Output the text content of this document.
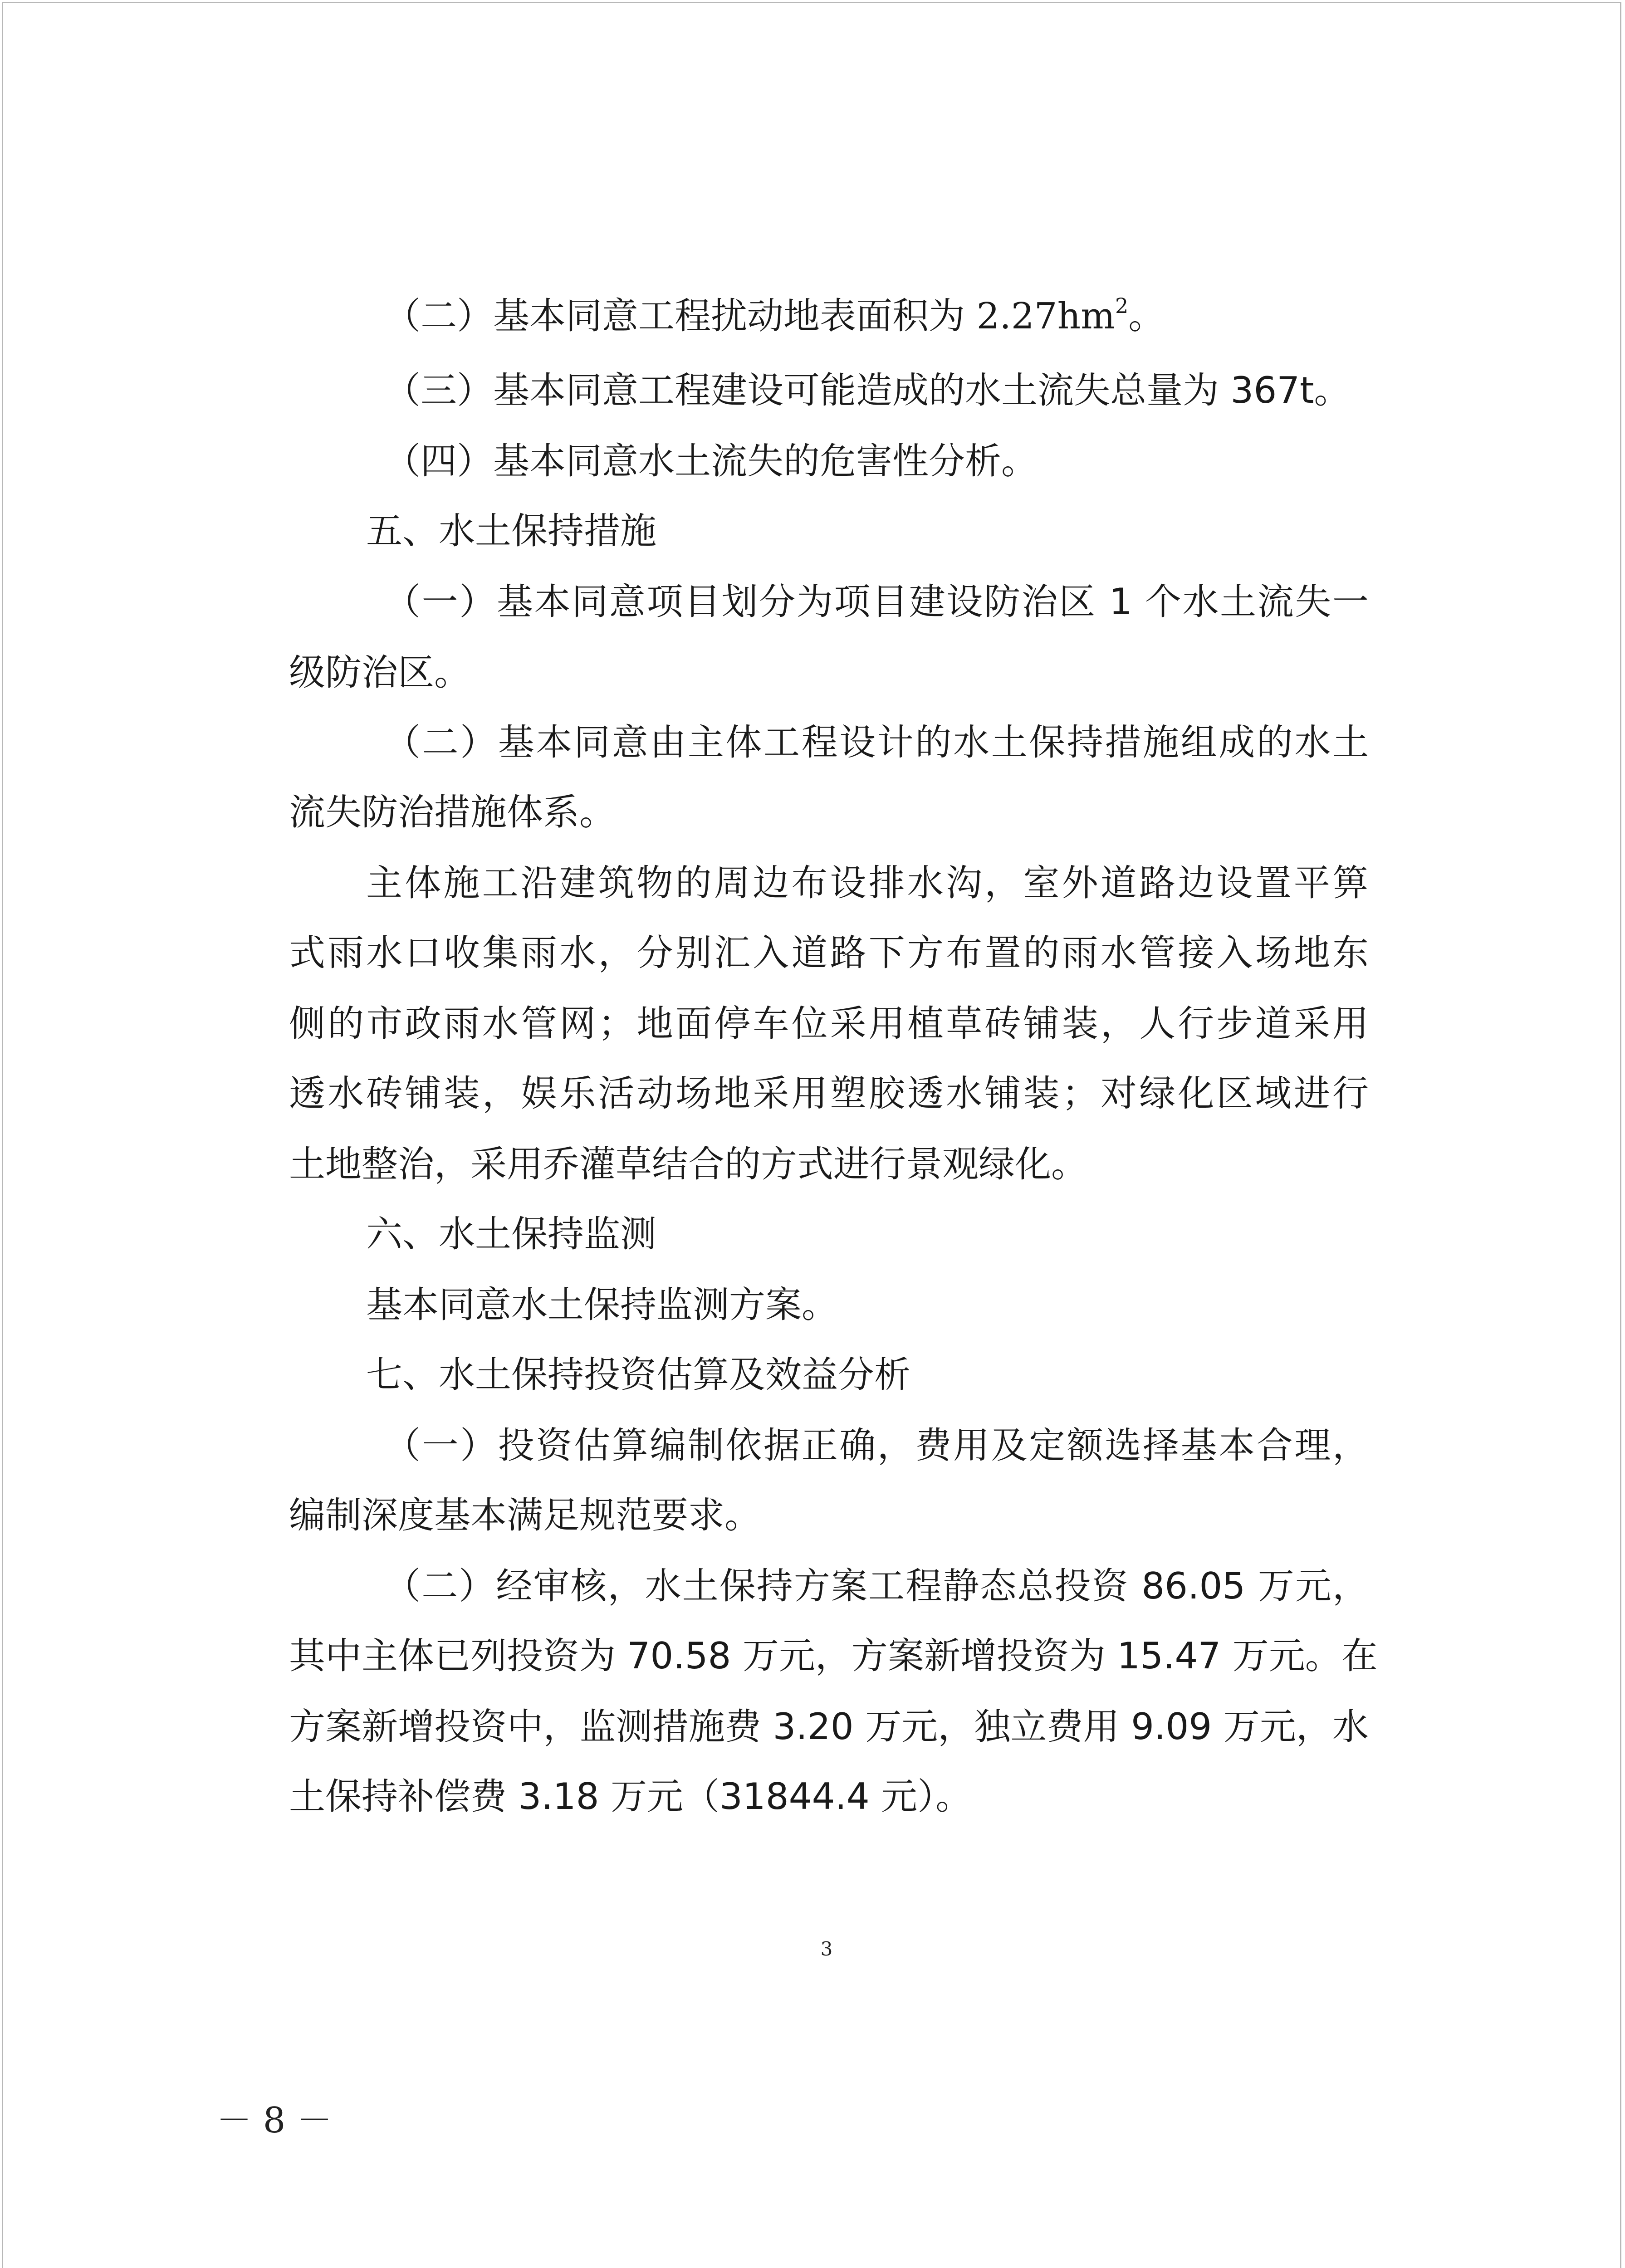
（二）基本同意工程扰动地表面积为 $2.27hm^2$。
（三）基本同意工程建设可能造成的水土流失总量为 367t。
（四）基本同意水土流失的危害性分析。
五、水土保持措施
（一）基本同意项目划分为项目建设防治区 1 个水土流失一
级防治区。
（二）基本同意由主体工程设计的水土保持措施组成的水土
流失防治措施体系。
主体施工沿建筑物的周边布设排水沟，室外道路边设置平箅
式雨水口收集雨水，分别汇入道路下方布置的雨水管接入场地东
侧的市政雨水管网；地面停车位采用植草砖铺装，人行步道采用
透水砖铺装，娱乐活动场地采用塑胶透水铺装；对绿化区域进行
土地整治，采用乔灌草结合的方式进行景观绿化。
六、水土保持监测
基本同意水土保持监测方案。
七、水土保持投资估算及效益分析
（一）投资估算编制依据正确，费用及定额选择基本合理，
编制深度基本满足规范要求。
（二）经审核，水土保持方案工程静态总投资 86.05 万元，
其中主体已列投资为 70.58 万元，方案新增投资为 15.47 万元。在
方案新增投资中，监测措施费 3.20 万元，独立费用 9.09 万元，水
土保持补偿费 3.18 万元（31844.4 元）。
3
－ 8 －
